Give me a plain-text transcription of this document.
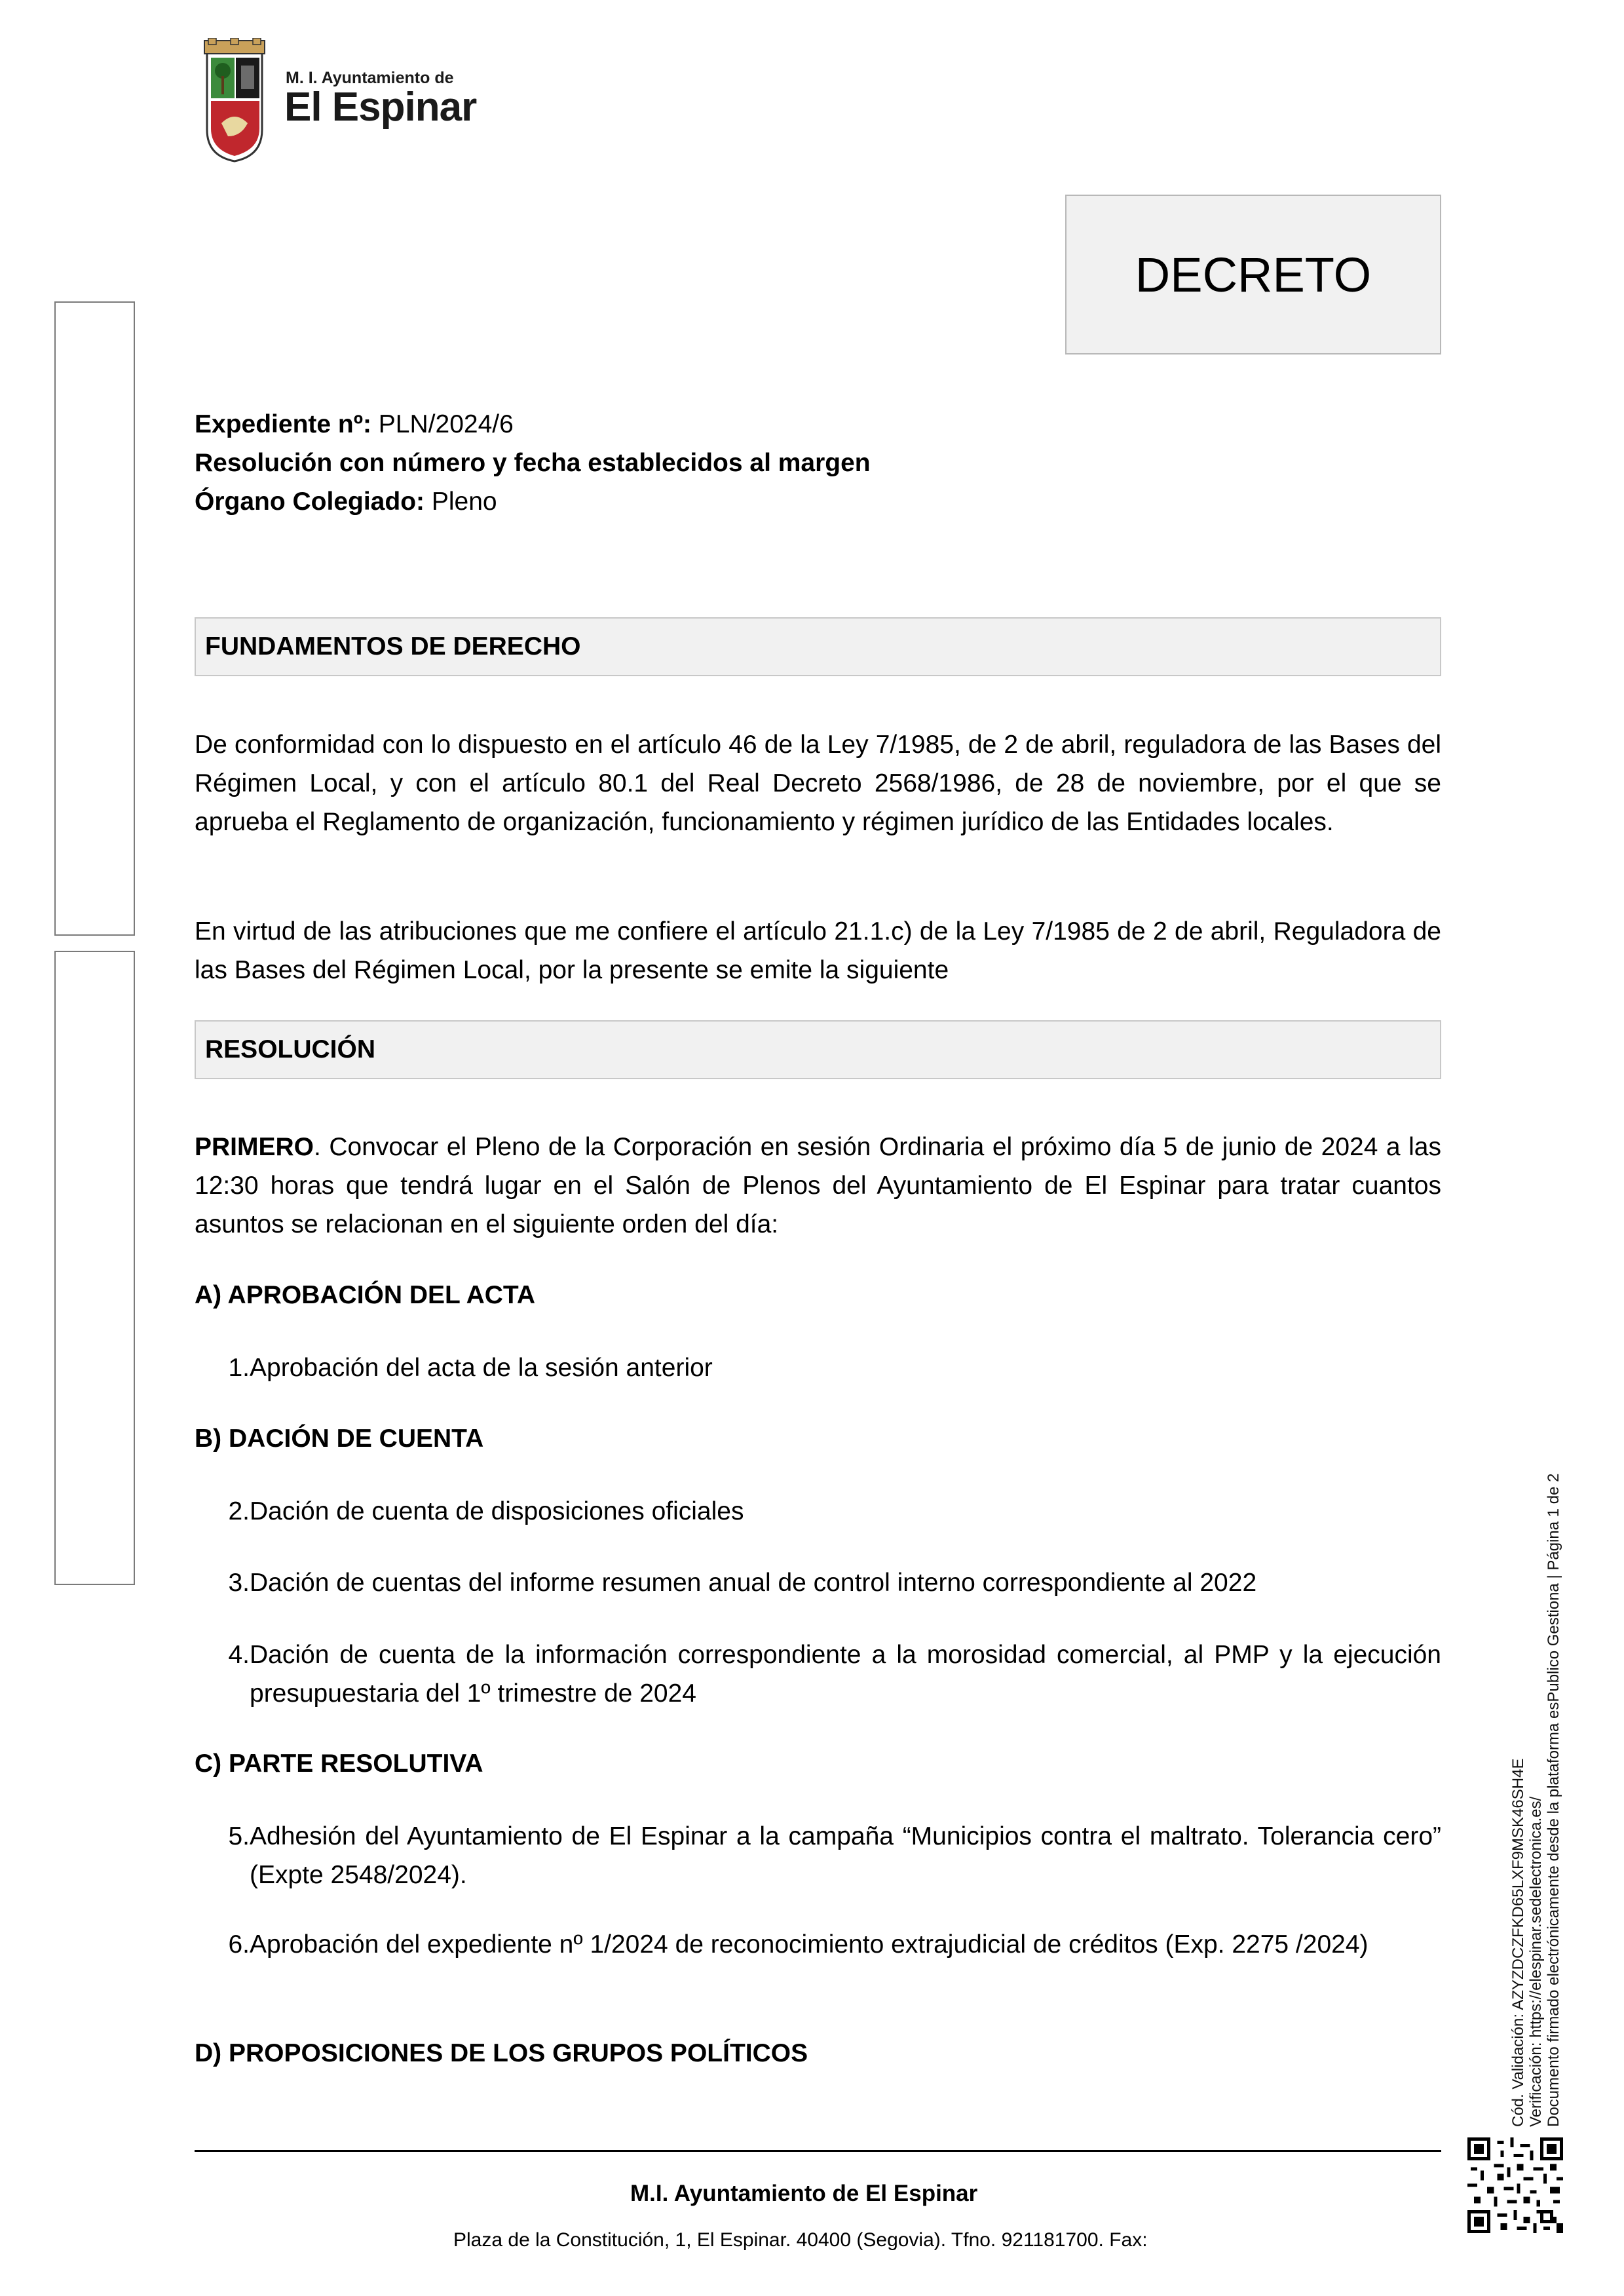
M. I. Ayuntamiento de
El Espinar
DECRETO
Expediente nº: PLN/2024/6
Resolución con número y fecha establecidos al margen
Órgano Colegiado: Pleno
FUNDAMENTOS DE DERECHO
De conformidad con lo dispuesto en el artículo 46 de la Ley 7/1985, de 2 de abril, reguladora de las Bases del Régimen Local, y con el artículo 80.1 del Real Decreto 2568/1986, de 28 de noviembre, por el que se aprueba el Reglamento de organización, funcionamiento y régimen jurídico de las Entidades locales.
En virtud de las atribuciones que me confiere el artículo 21.1.c) de la Ley 7/1985 de 2 de abril, Reguladora de las Bases del Régimen Local, por la presente se emite la siguiente
RESOLUCIÓN
PRIMERO. Convocar el Pleno de la Corporación en sesión Ordinaria el próximo día 5 de junio de 2024 a las 12:30 horas que tendrá lugar en el Salón de Plenos del Ayuntamiento de El Espinar para tratar cuantos asuntos se relacionan en el siguiente orden del día:
A) APROBACIÓN DEL ACTA
1. Aprobación del acta de la sesión anterior
B) DACIÓN DE CUENTA
2. Dación de cuenta de disposiciones oficiales
3. Dación de cuentas del informe resumen anual de control interno correspondiente al 2022
4. Dación de cuenta de la información correspondiente a la morosidad comercial, al PMP y la ejecución presupuestaria del 1º trimestre de 2024
C) PARTE RESOLUTIVA
5. Adhesión del Ayuntamiento de El Espinar a la campaña “Municipios contra el maltrato. Tolerancia cero” (Expte 2548/2024).
6. Aprobación del expediente nº 1/2024 de reconocimiento extrajudicial de créditos (Exp. 2275 /2024)
D) PROPOSICIONES DE LOS GRUPOS POLÍTICOS	Cód. Validación: AZYZDCZFKD65LXF9MSK46SH4E Verificación: https://elespinar.sedelectronica.es/ Documento firmado electrónicamente desde la plataforma esPublico Gestiona | Página 1 de 2
M.I. Ayuntamiento de El Espinar
Plaza de la Constitución, 1, El Espinar. 40400 (Segovia). Tfno. 921181700. Fax:
